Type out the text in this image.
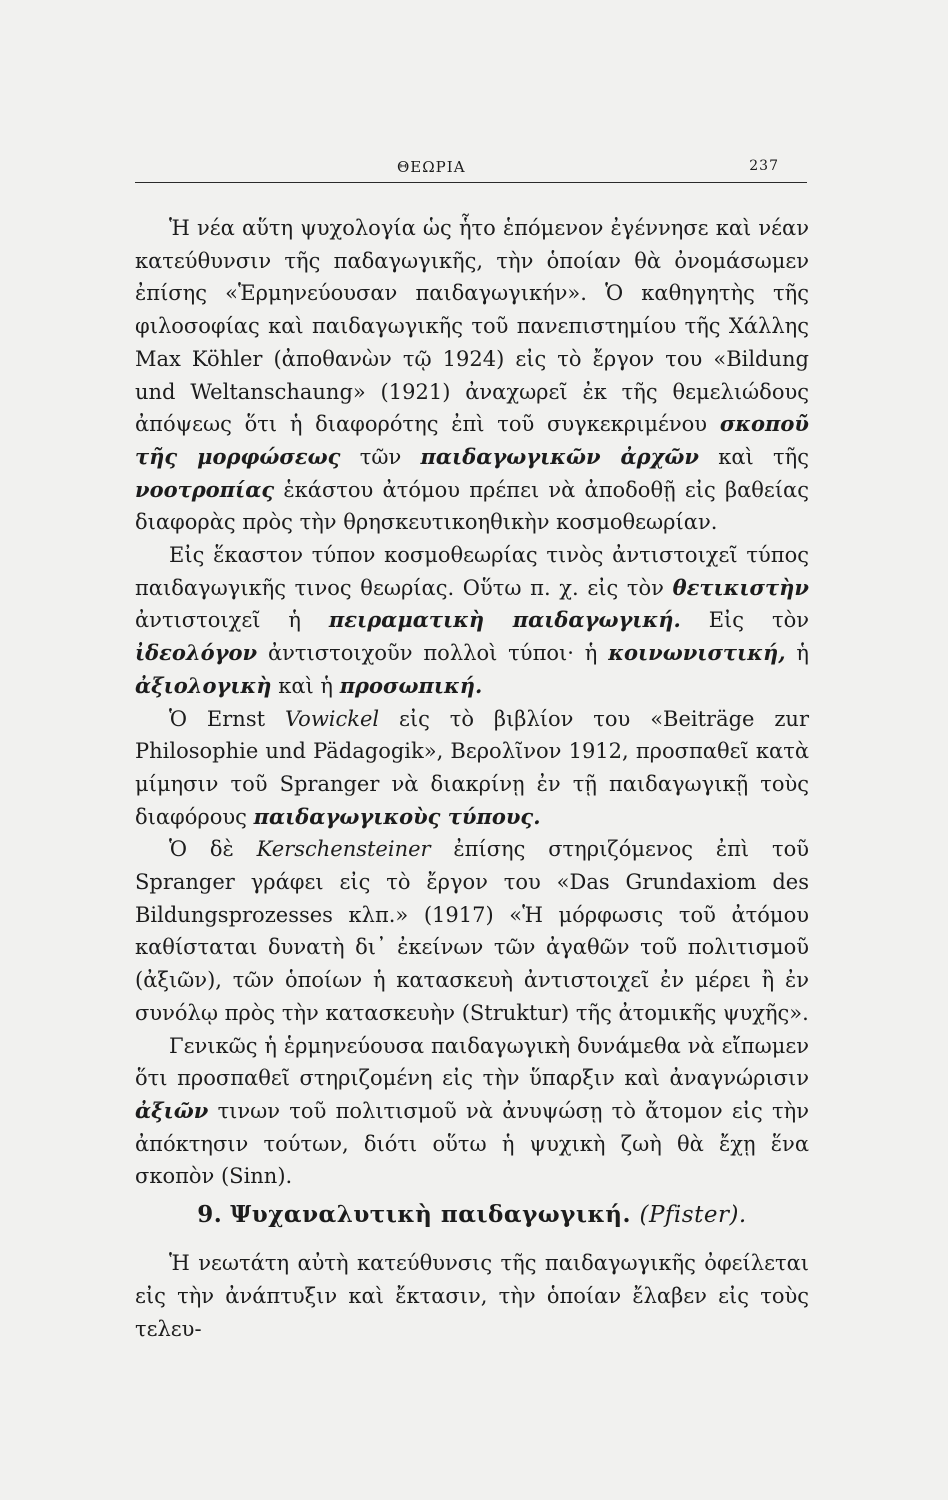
ΘΕΩΡΙΑ	237

Ἡ νέα αὕτη ψυχολογία ὡς ἧτο ἑπόμενον ἐγέννησε καὶ νέαν κατεύθυνσιν τῆς παδαγωγικῆς, τὴν ὁποίαν θὰ ὀνομάσωμεν ἐπίσης «Ἑρμηνεύουσαν παιδαγωγικήν». Ὁ καθηγητὴς τῆς φιλοσοφίας καὶ παιδαγωγικῆς τοῦ πανεπιστημίου τῆς Χάλλης Max Köhler (ἀποθανὼν τῷ 1924) εἰς τὸ ἔργον του «Bildung und Weltanschaung» (1921) ἀναχωρεῖ ἐκ τῆς θεμελιώδους ἀπόψεως ὅτι ἡ διαφορότης ἐπὶ τοῦ συγκεκριμένου σκοποῦ τῆς μορφώσεως τῶν παιδαγωγικῶν ἀρχῶν καὶ τῆς νοοτροπίας ἑκάστου ἀτόμου πρέπει νὰ ἀποδοθῇ εἰς βαθείας διαφορὰς πρὸς τὴν θρησκευτικοηθικὴν κοσμοθεωρίαν.

Εἰς ἕκαστον τύπον κοσμοθεωρίας τινὸς ἀντιστοιχεῖ τύπος παιδαγωγικῆς τινος θεωρίας. Οὕτω π. χ. εἰς τὸν θετικιστὴν ἀντιστοιχεῖ ἡ πειραματικὴ παιδαγωγική. Εἰς τὸν ἰδεολόγον ἀντιστοιχοῦν πολλοὶ τύποι· ἡ κοινωνιστική, ἡ ἀξιολογικὴ καὶ ἡ προσωπική.

Ὁ Ernst Vowickel εἰς τὸ βιβλίον του «Beiträge zur Philosophie und Pädagogik», Βερολῖνον 1912, προσπαθεῖ κατὰ μίμησιν τοῦ Spranger νὰ διακρίνῃ ἐν τῇ παιδαγωγικῇ τοὺς διαφόρους παιδαγωγικοὺς τύπους.

Ὁ δὲ Kerschensteiner ἐπίσης στηριζόμενος ἐπὶ τοῦ Spranger γράφει εἰς τὸ ἔργον του «Das Grundaxiom des Bildungsprozesses κλπ.» (1917) «Ἡ μόρφωσις τοῦ ἀτόμου καθίσταται δυνατὴ δι᾽ ἐκείνων τῶν ἀγαθῶν τοῦ πολιτισμοῦ (ἀξιῶν), τῶν ὁποίων ἡ κατασκευὴ ἀντιστοιχεῖ ἐν μέρει ἢ ἐν συνόλῳ πρὸς τὴν κατασκευὴν (Struktur) τῆς ἀτομικῆς ψυχῆς».

Γενικῶς ἡ ἑρμηνεύουσα παιδαγωγικὴ δυνάμεθα νὰ εἴπωμεν ὅτι προσπαθεῖ στηριζομένη εἰς τὴν ὕπαρξιν καὶ ἀναγνώρισιν ἀξιῶν τινων τοῦ πολιτισμοῦ νὰ ἀνυψώσῃ τὸ ἄτομον εἰς τὴν ἀπόκτησιν τούτων, διότι οὕτω ἡ ψυχικὴ ζωὴ θὰ ἔχῃ ἕνα σκοπὸν (Sinn).

9. Ψυχαναλυτικὴ παιδαγωγική. (Pfister).

Ἡ νεωτάτη αὐτὴ κατεύθυνσις τῆς παιδαγωγικῆς ὀφείλεται εἰς τὴν ἀνάπτυξιν καὶ ἔκτασιν, τὴν ὁποίαν ἔλαβεν εἰς τοὺς τελευ-
